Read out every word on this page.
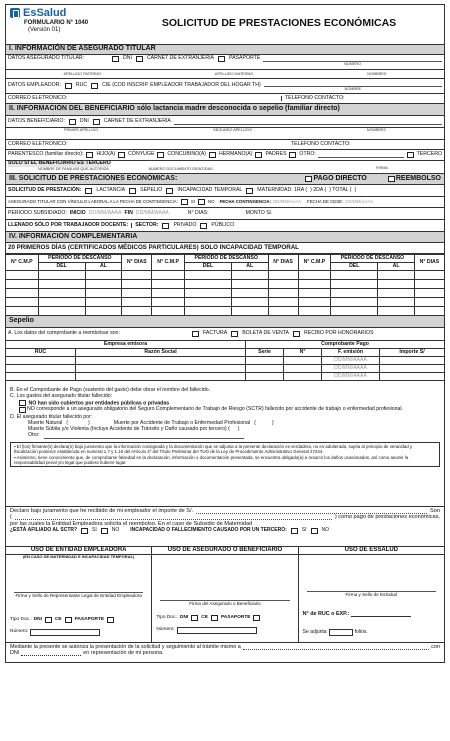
EsSalud
FORMULARIO N° 1040
(Versión 01)
SOLICITUD DE PRESTACIONES ECONÓMICAS
I. INFORMACIÓN DE ASEGURADO TITULAR
DATOS ASEGURADO TITULAR:	DNI	CARNET DE EXTRANJERÍA	PASAPORTE
NÚMERO
APELLIDO PATERNO	APELLIDO MATERNO	NOMBRES
DATOS EMPLEADOR:	RUC	CIE (COD INSCRIP. EMPLEADOR TRABAJADOR DEL HOGAR TH)
NOMBRE
CORREO ELETRONICO:	TELEFONO CONTACTO:
II. INFORMACIÓN DEL BENEFICIARIO sólo lactancia madre desconocida o sepelio (familiar directo)
DATOS BENEFICIARIO:	DNI	CARNET DE EXTRANJERÍA
PRIMER APELLIDO	SEGUNDO APELLIDO	NOMBRES
CORREO ELETRONICO:	TELEFONO CONTACTO:
PARENTESCO (familiar directo):	HIJO(A)	CÓNYUGE	CONCUBINO(A)	HERMANO(A)	PADRES	OTRO:	TERCERO
SOLO SI EL BENEFICIARIO ES TERCERO
NOMBRE DE FAMILIAR QUE AUTORIZA	NUMERO DOCUMENTO IDENTIDAD	FIRMA
III. SOLICITUD DE PRESTACIONES ECONÓMICAS:	PAGO DIRECTO	REEMBOLSO
SOLICITUD DE PRESTACIÓN:	LACTANCIA	SEPELIO	INCAPACIDAD TEMPORAL	MATERNIDAD: 1RA ( ) 2DA ( ) TOTAL ( )
ASEGURADO TITULAR CON VÍNCULO LABORAL A LA FECHA DE CONTINGENCIA:	SI	NO FECHA CONTINGENCIA: DD/MM/AAAA FECHA DE CESE: DD/MM/AAAA
PERIODO SUBSIDIADO: INICIO DD/MM/AAAA FIN DD/MM/AAAA	N° DIAS:	MONTO S/.
LLENADO SÓLO POR TRABAJADOR DOCENTE:	SECTOR:	PRIVADO	PÚBLICO
IV. INFORMACIÓN COMPLEMENTARIA
20 PRIMEROS DÍAS (CERTIFICADOS MÉDICOS PARTICULARES) SOLO INCAPACIDAD TEMPORAL
N° C.M.P	PERIODO DE DESCANSO		N° DIAS	N° C.M.P	PERIODO DE DESCANSO		N° DIAS	N° C.M.P	PERIODO DE DESCANSO		N° DIAS
	DEL	AL			DEL	AL			DEL	AL	

Sepelio
A. Los datos del comprobante a reembolsar son:	FACTURA	BOLETA DE VENTA	RECIBO POR HONORARIOS
Empresa emisora		Comprobante Pago			
RUC	Razón Social	Serie	N°	F. emisión	Importe S/
				DD/MM/AAAA	
				DD/MM/AAAA	
				DD/MM/AAAA	
B. En el Comprobante de Pago (sustento del gasto) debe obrar el nombre del fallecido.
C. Los gastos del asegurado titular fallecido:
NO han sido cubiertos por entidades públicas o privadas
NO corresponde a un asegurado obligatorio del Seguro Complementario de Trabajo de Riesgo (SCTR) fallecido por accidente de trabajo o enfermedad profesional.
D. El asegurado titular fallecido por:
Muerte Natural (	)	Muerte por Accidente de Trabajo o Enfermedad Profesional (	)
Muerte Súbita y/o Violenta (Incluye Accidente de Tránsito y Daño causado por tercero) ( )
Otro:
▪ El (los) firmante(s) declara(n) bajo juramento que la información consignada y la documentación que se adjunta a la presente declaración es verdadera, no es adulterada, sujeta al principio de veracidad y fiscalización posterior establecida en numeral 1.7 y 1.16 del Artículo 4º del Título Preliminar del TUO de la Ley de Procedimiento Administrativo General 27444.
▪ Asimismo, tiene conocimiento que, de comprobarse falsedad en la declaración, información o documentación presentada, se encuentra obligado(a) a resarcir los daños ocasionados, así como asumir la responsabilidad penal y/o legal que pudiera hubiere lugar.
Declaro bajo juramento que he recibido de mi empleador el importe de S/.	Son
(	) como pago de prestaciones económicas,
por las cuales la Entidad Empleadora solicita el reembolso. En el caso de Subsidio de Maternidad
¿ESTÁ AFILIADO AL SCTR?	SI	NO INCAPACIDAD O FALLECIMIENTO CAUSADO POR UN TERCERO:	SI	NO
USO DE ENTIDAD EMPLEADORA
(EN CASO DE MATERNIDAD E INCAPACIDAD TEMPORAL)
Firma y Sello de Representante Legal de Entidad Empleadora
Tipo Doc.: DNI	CE	PASAPORTE
Número:
USO DE ASEGURADO O BENEFICIARIO
Firma del Asegurado o Beneficiario
Tipo Doc.: DNI	CE	PASAPORTE
Número:
USO DE ESSALUD
Firma y Sello de EsSalud
N° de RUC o EXP.:
Se adjunta	folios.
Mediante la presente se autoriza la presentación de la solicitud y seguimiento al trámite mismo a	con
DNI	en representación de mi persona.
